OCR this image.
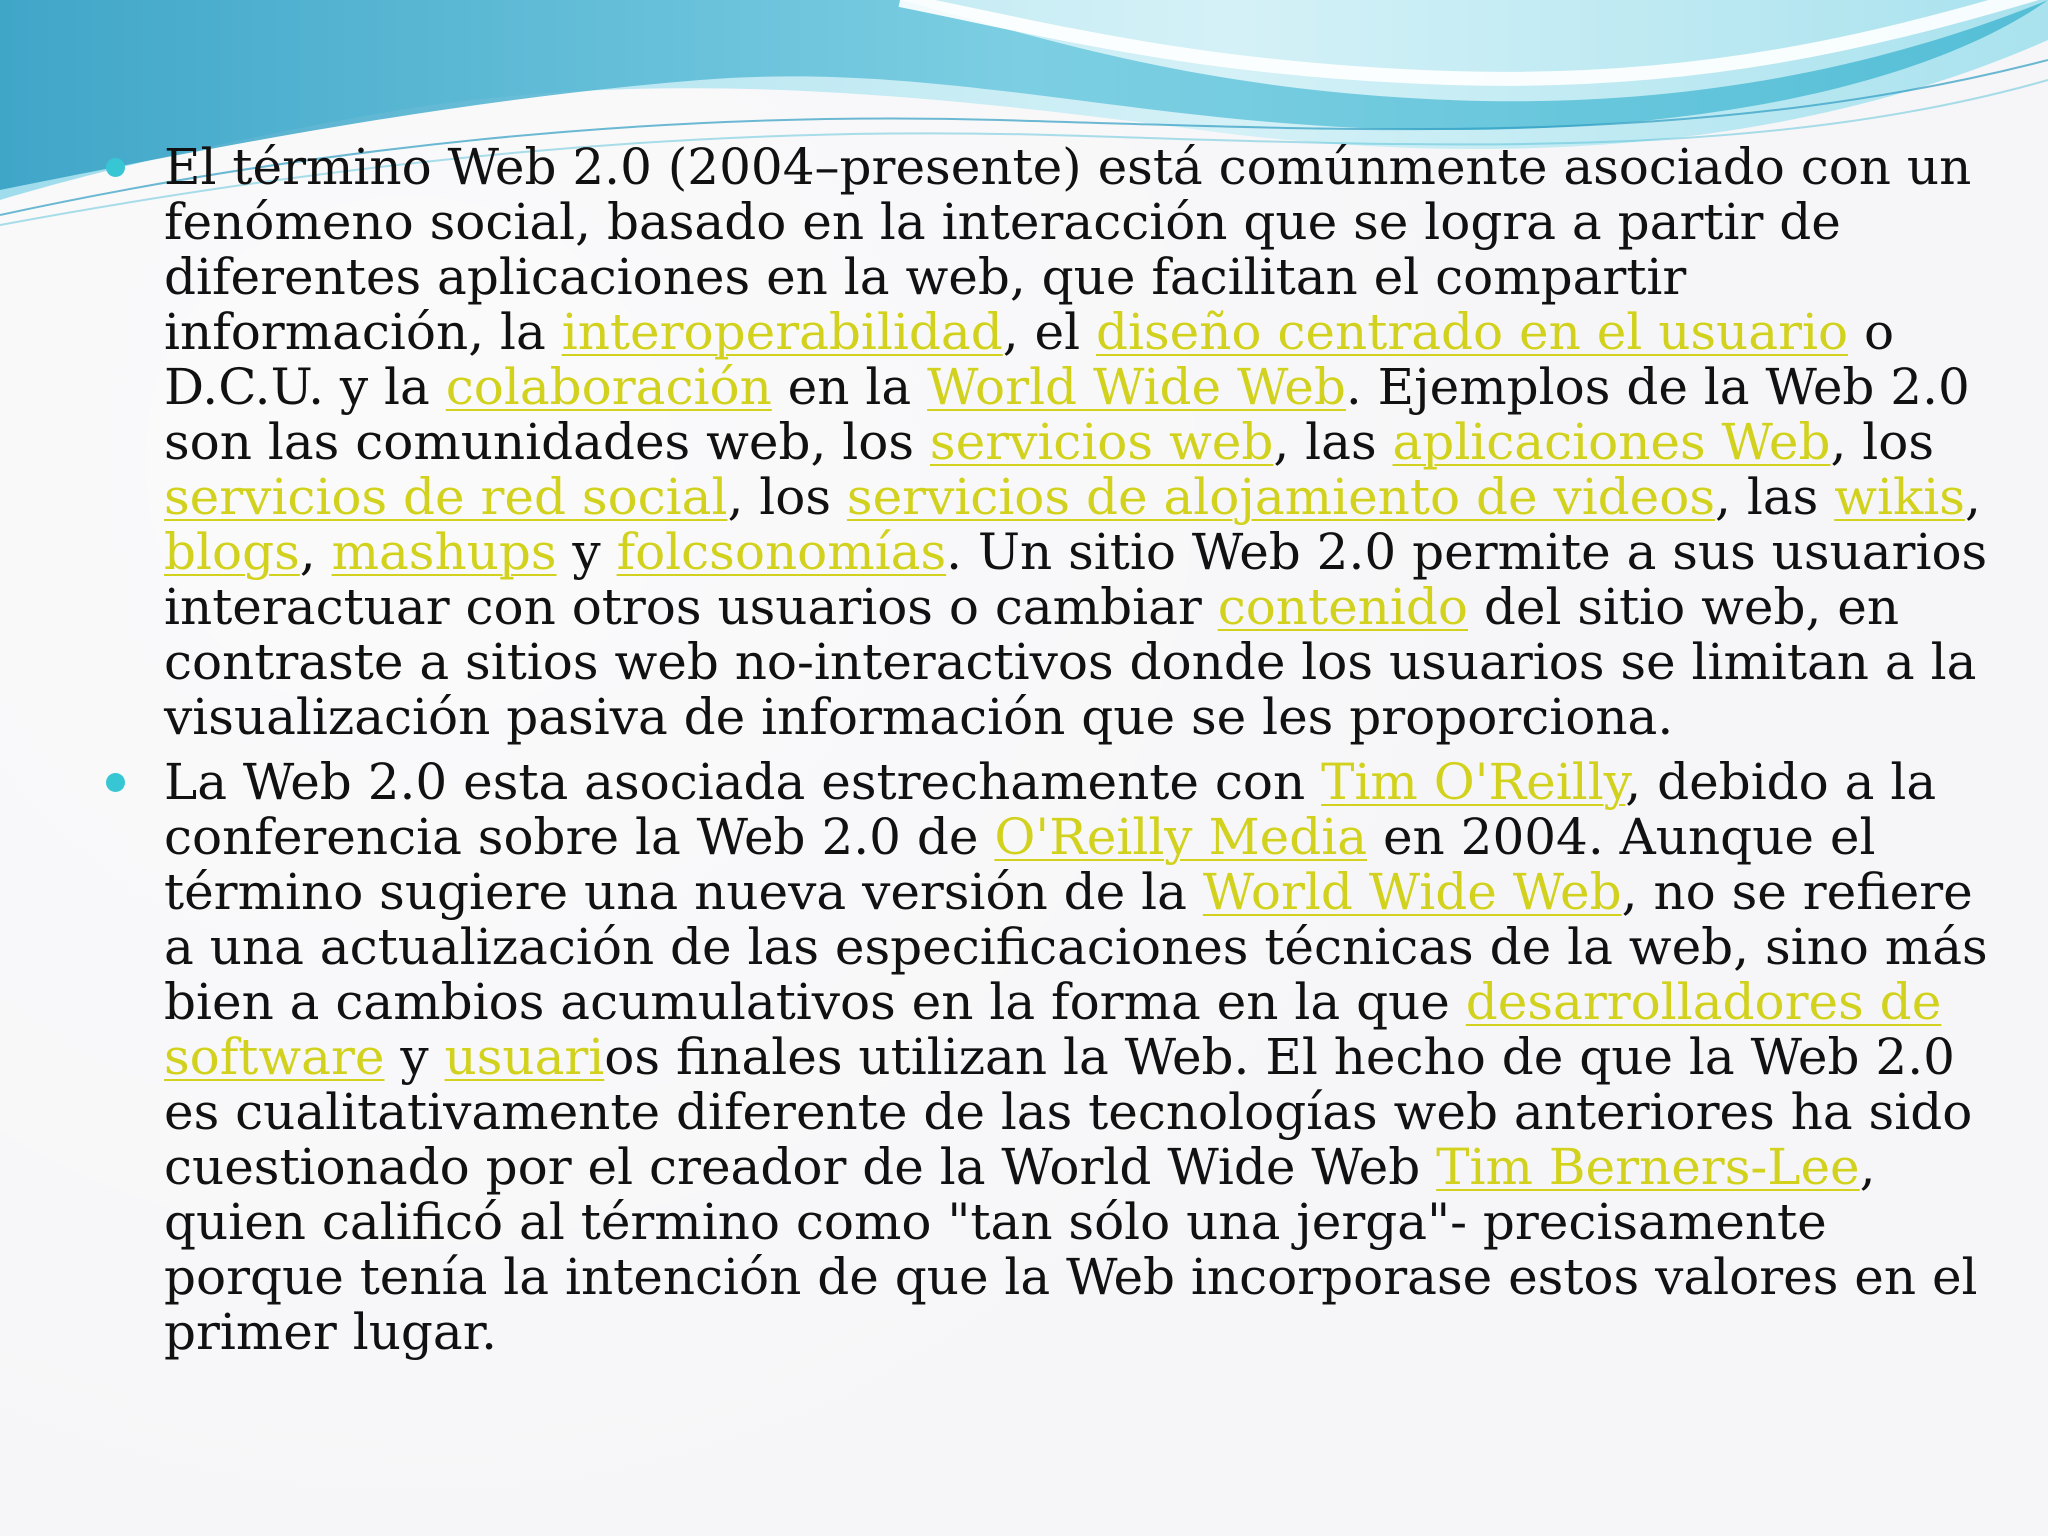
El término Web 2.0 (2004–presente) está comúnmente asociado con un
fenómeno social, basado en la interacción que se logra a partir de
diferentes aplicaciones en la web, que facilitan el compartir
información, la interoperabilidad, el diseño centrado en el usuario o
D.C.U. y la colaboración en la World Wide Web. Ejemplos de la Web 2.0
son las comunidades web, los servicios web, las aplicaciones Web, los
servicios de red social, los servicios de alojamiento de videos, las wikis,
blogs, mashups y folcsonomías. Un sitio Web 2.0 permite a sus usuarios
interactuar con otros usuarios o cambiar contenido del sitio web, en
contraste a sitios web no-interactivos donde los usuarios se limitan a la
visualización pasiva de información que se les proporciona.
La Web 2.0 esta asociada estrechamente con Tim O'Reilly, debido a la
conferencia sobre la Web 2.0 de O'Reilly Media en 2004. Aunque el
término sugiere una nueva versión de la World Wide Web, no se refiere
a una actualización de las especificaciones técnicas de la web, sino más
bien a cambios acumulativos en la forma en la que desarrolladores de
software y usuarios finales utilizan la Web. El hecho de que la Web 2.0
es cualitativamente diferente de las tecnologías web anteriores ha sido
cuestionado por el creador de la World Wide Web Tim Berners-Lee,
quien calificó al término como "tan sólo una jerga"- precisamente
porque tenía la intención de que la Web incorporase estos valores en el
primer lugar.
